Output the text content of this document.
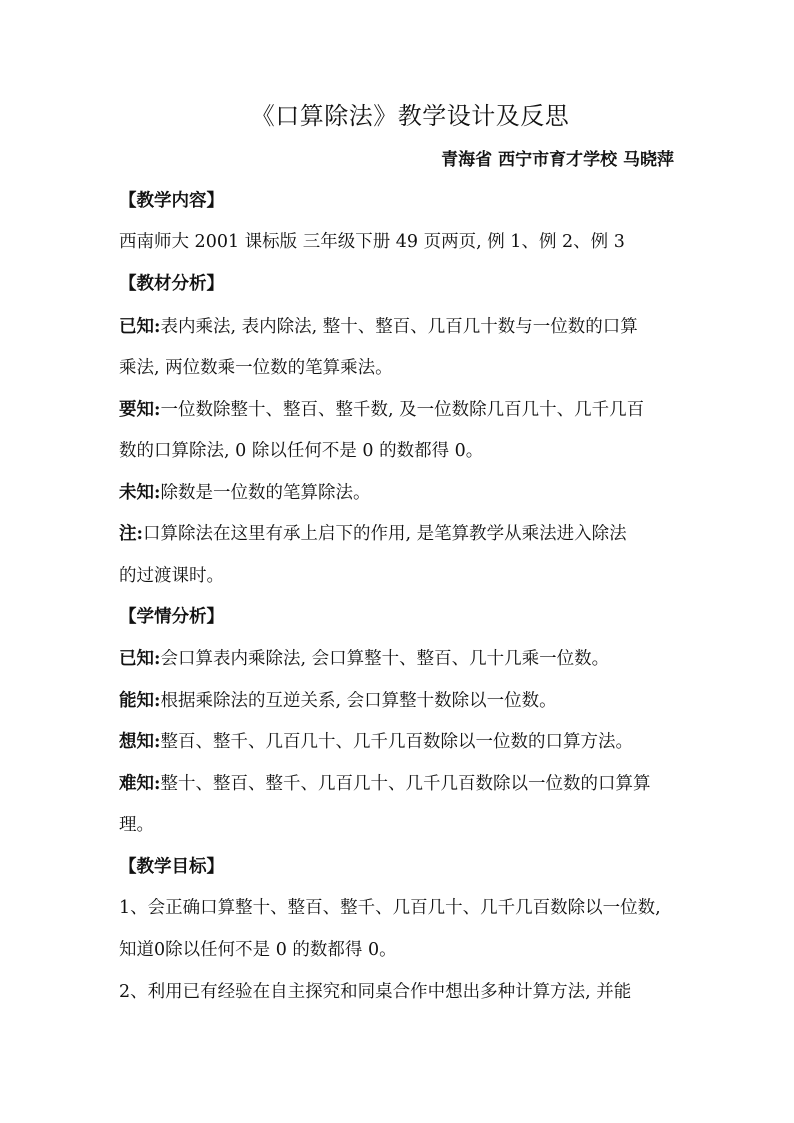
《口算除法》教学设计及反思
青海省 西宁市育才学校 马晓萍
【教学内容】
西南师大 2001 课标版 三年级下册 49 页两页, 例 1、例 2、例 3
【教材分析】
已知:表内乘法, 表内除法, 整十、整百、几百几十数与一位数的口算
乘法, 两位数乘一位数的笔算乘法。
要知:一位数除整十、整百、整千数, 及一位数除几百几十、几千几百
数的口算除法, 0 除以任何不是 0 的数都得 0。
未知:除数是一位数的笔算除法。
注:口算除法在这里有承上启下的作用, 是笔算教学从乘法进入除法
的过渡课时。
【学情分析】
已知:会口算表内乘除法, 会口算整十、整百、几十几乘一位数。
能知:根据乘除法的互逆关系, 会口算整十数除以一位数。
想知:整百、整千、几百几十、几千几百数除以一位数的口算方法。
难知:整十、整百、整千、几百几十、几千几百数除以一位数的口算算
理。
【教学目标】
1、会正确口算整十、整百、整千、几百几十、几千几百数除以一位数,
知道0除以任何不是 0 的数都得 0。
2、利用已有经验在自主探究和同桌合作中想出多种计算方法, 并能
